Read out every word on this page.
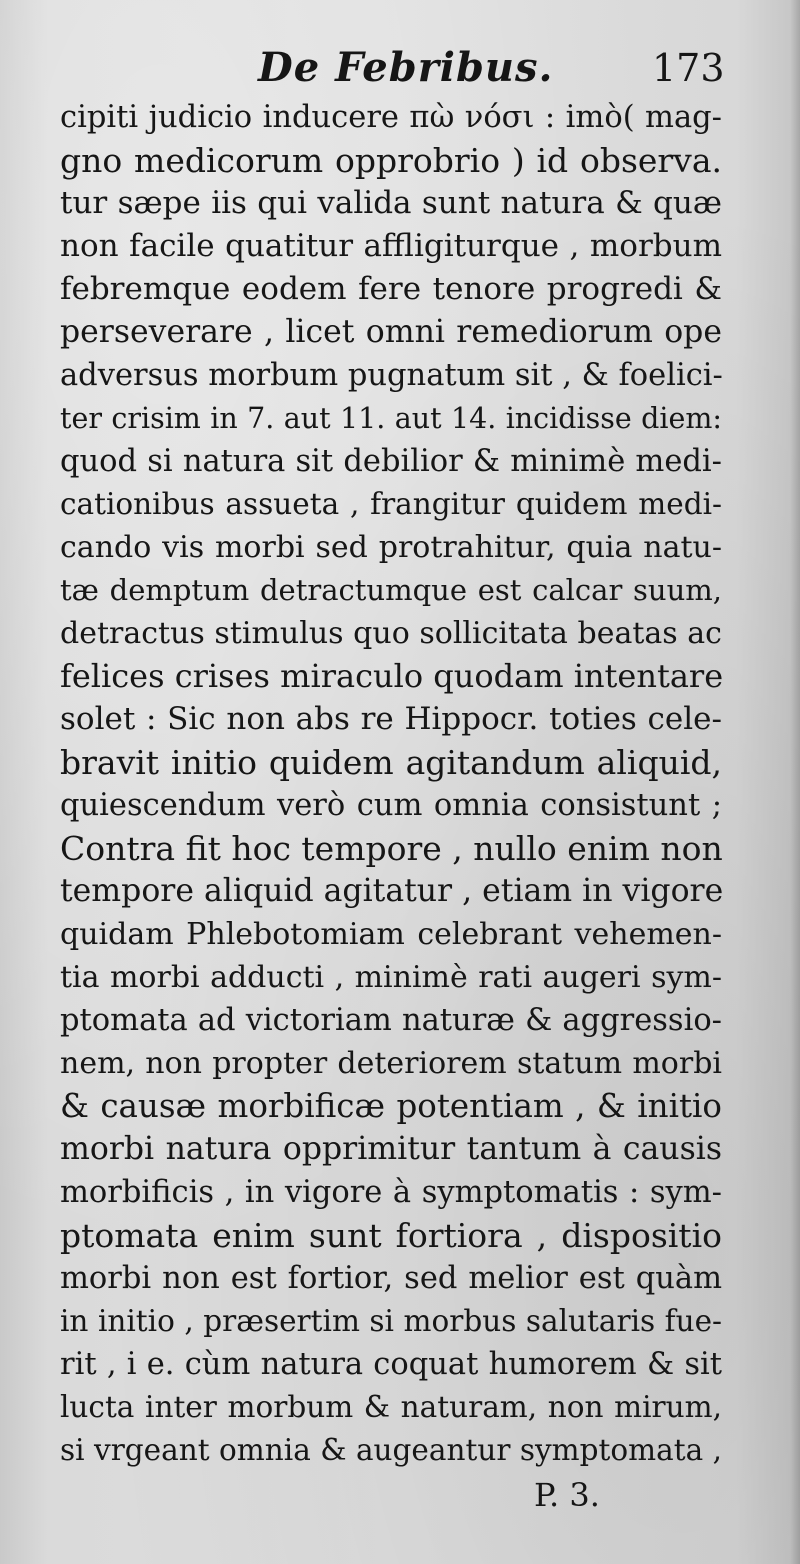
De Febribus.	173
cipiti judicio inducere πὼ νόσι : imò( mag-
gno medicorum opprobrio ) id observa.
tur sæpe iis qui valida sunt natura & quæ
non facile quatitur affligiturque , morbum
febremque eodem fere tenore progredi &
perseverare , licet omni remediorum ope
adversus morbum pugnatum sit , & foelici-
ter crisim in 7. aut 11. aut 14. incidisse diem:
quod si natura sit debilior & minimè medi-
cationibus assueta , frangitur quidem medi-
cando vis morbi sed protrahitur, quia natu-
tæ demptum detractumque est calcar suum,
detractus stimulus quo sollicitata beatas ac
felices crises miraculo quodam intentare
solet : Sic non abs re Hippocr. toties cele-
bravit initio quidem agitandum aliquid,
quiescendum verò cum omnia consistunt ;
Contra fit hoc tempore , nullo enim non
tempore aliquid agitatur , etiam in vigore
quidam Phlebotomiam celebrant vehemen-
tia morbi adducti , minimè rati augeri sym-
ptomata ad victoriam naturæ & aggressio-
nem, non propter deteriorem statum morbi
& causæ morbificæ potentiam , & initio
morbi natura opprimitur tantum à causis
morbificis , in vigore à symptomatis : sym-
ptomata enim sunt fortiora , dispositio
morbi non est fortior, sed melior est quàm
in initio , præsertim si morbus salutaris fue-
rit , i e. cùm natura coquat humorem & sit
lucta inter morbum & naturam, non mirum,
si vrgeant omnia & augeantur symptomata ,
P. 3.
